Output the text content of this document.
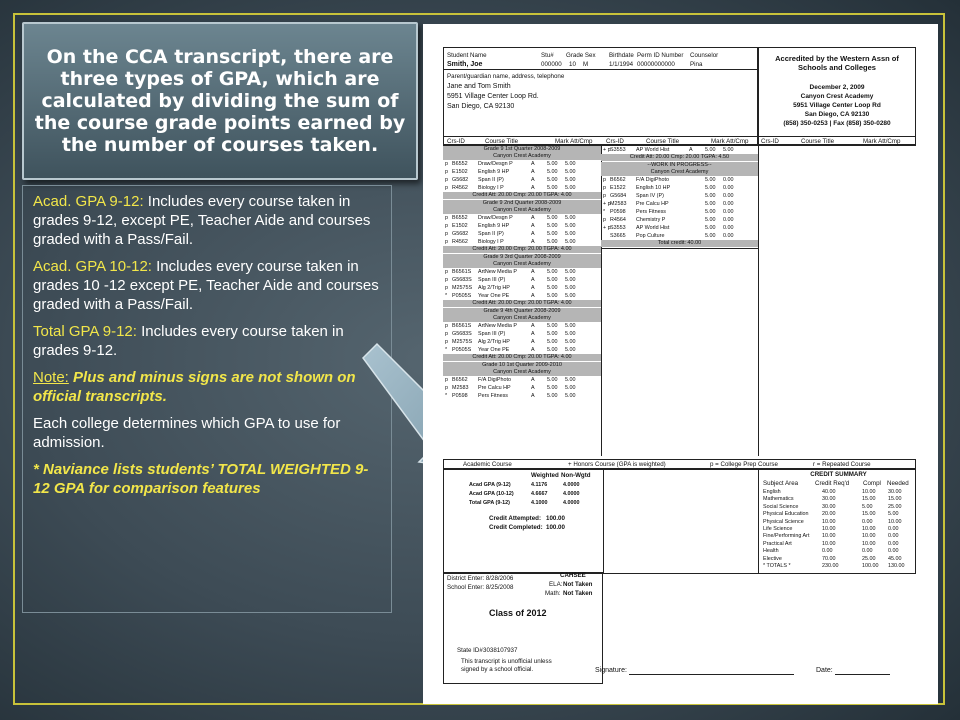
On the CCA transcript, there are three types of GPA, which are calculated by dividing the sum of the course grade points earned by the number of courses taken.

Acad. GPA 9-12: Includes every course taken in grades 9-12, except PE, Teacher Aide and courses graded with a Pass/Fail.

Acad. GPA 10-12: Includes every course taken in grades 10 -12 except PE, Teacher Aide and courses graded with a Pass/Fail.

Total GPA 9-12: Includes every course taken in grades 9-12.

Note: Plus and minus signs are not shown on official transcripts.

Each college determines which GPA to use for admission.

* Naviance lists students’ TOTAL WEIGHTED 9-12 GPA for comparison features

Student Name	Stu# Grade Sex Birthdate Perm ID Number Counselor
Smith, Joe	000000 10 M	1/1/1994 00000000000 Pina
Parent/guardian name, address, telephone
Jane and Tom Smith
5951 Village Center Loop Rd.
San Diego, CA 92130
Accredited by the Western Assn of
Schools and Colleges
December 2, 2009
Canyon Crest Academy
5951 Village Center Loop Rd
San Diego, CA 92130
(858) 350-0253 | Fax (858) 350-0280
Crs-ID	Course Title	Mark Att/Cmp Crs-ID	Course Title	Mark Att/Cmp Crs-ID	Course Title	Mark Att/Cmp
Grade 9 1st Quarter 2008-2009
Canyon Crest Academy
p B6552 Draw/Desgn P	A 5.00 5.00
p E1502 English 9 HP	A 5.00 5.00
p G5682 Span II (P)	A 5.00 5.00
p R4562 Biology I P	A 5.00 5.00
Credit Att: 20.00 Cmp: 20.00 TGPA: 4.00
Grade 9 2nd Quarter 2008-2009
Canyon Crest Academy
p B6552 Draw/Desgn P	A 5.00 5.00
p E1502 English 9 HP	A 5.00 5.00
p G5682 Span II (P)	A 5.00 5.00
p R4562 Biology I P	A 5.00 5.00
Credit Att: 20.00 Cmp: 20.00 TGPA: 4.00
Grade 9 3rd Quarter 2008-2009
Canyon Crest Academy
p B6561S ArtNew Media P	A 5.00 5.00
p G5683S Span III (P)	A 5.00 5.00
p M2575S Alg 2/Trig HP	A 5.00 5.00
* P0505S Year One PE	A 5.00 5.00
Credit Att: 20.00 Cmp: 20.00 TGPA: 4.00
Grade 9 4th Quarter 2008-2009
Canyon Crest Academy
p B6561S ArtNew Media P	A 5.00 5.00
p G5683S Span III (P)	A 5.00 5.00
p M2575S Alg 2/Trig HP	A 5.00 5.00
* P0505S Year One PE	A 5.00 5.00
Credit Att: 20.00 Cmp: 20.00 TGPA: 4.00
Grade 10 1st Quarter 2009-2010
Canyon Crest Academy
p B6562 F/A DigiPhoto	A 5.00 5.00
p M2583 Pre Calcu HP	A 5.00 5.00
* P0598 Pers Fitness	A 5.00 5.00
+ p S3553 AP World Hist	A 5.00 5.00
Credit Att: 20.00 Cmp: 20.00 TGPA: 4.50
--WORK IN PROGRESS--
Canyon Crest Academy
p B6562 F/A DigiPhoto	5.00 0.00
p E1522 English 10 HP	5.00 0.00
p G5684 Span IV (P)	5.00 0.00
+ p M2583 Pre Calcu HP	5.00 0.00
* P0598 Pers Fitness	5.00 0.00
p R4564 Chemistry P	5.00 0.00
+ p S3553 AP World Hist	5.00 0.00
S3665 Pop Culture	5.00 0.00
Total credit: 40.00
Academic Course	+ Honors Course (GPA is weighted)	p = College Prep Course	r = Repeated Course
Weighted Non-Wgtd
Acad GPA (9-12)	4.1176	4.0000
Acad GPA (10-12)	4.6667	4.0000
Total GPA (9-12)	4.1000	4.0000
Credit Attempted: 100.00
Credit Completed: 100.00
CREDIT SUMMARY
Subject Area	Credit Req'd Compl Needed
English	40.00	10.00 30.00
Mathematics	30.00	15.00 15.00
Social Science	30.00	5.00	25.00
Physical Education 20.00	15.00 5.00
Physical Science	10.00	0.00	10.00
Life Science	10.00	10.00 0.00
Fine/Performing Art 10.00	10.00 0.00
Practical Art	10.00	10.00 0.00
Health	0.00	0.00	0.00
Elective	70.00	25.00 45.00
* TOTALS *	230.00	100.00 130.00
District Enter: 8/28/2006
School Enter: 8/25/2008
CAHSEE
ELA: Not Taken
Math: Not Taken
Class of 2012
State ID# 3038107937
This transcript is unofficial unless
signed by a school official.	Signature:	Date:
